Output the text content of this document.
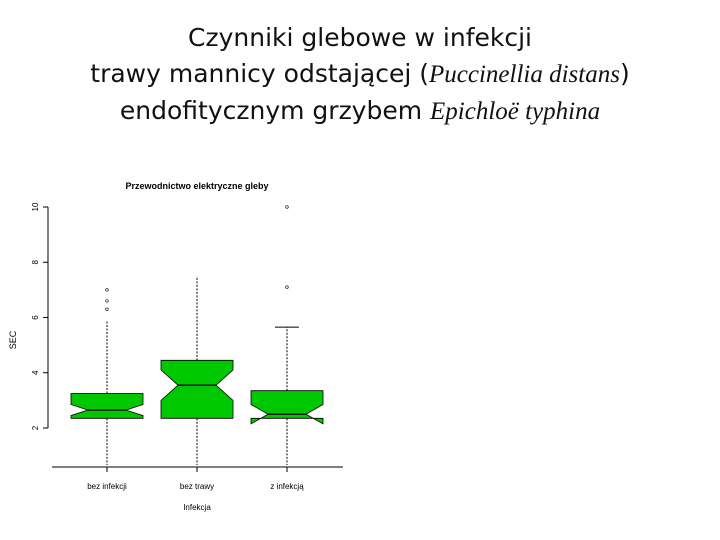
Czynniki glebowe w infekcji
trawy mannicy odstającej (Puccinellia distans)
endofitycznym grzybem Epichloë typhina
Przewodnictwo elektryczne gleby
SEC
Infekcja
2
4
6
8
10
bez infekcji	bez trawy	z infekcją
